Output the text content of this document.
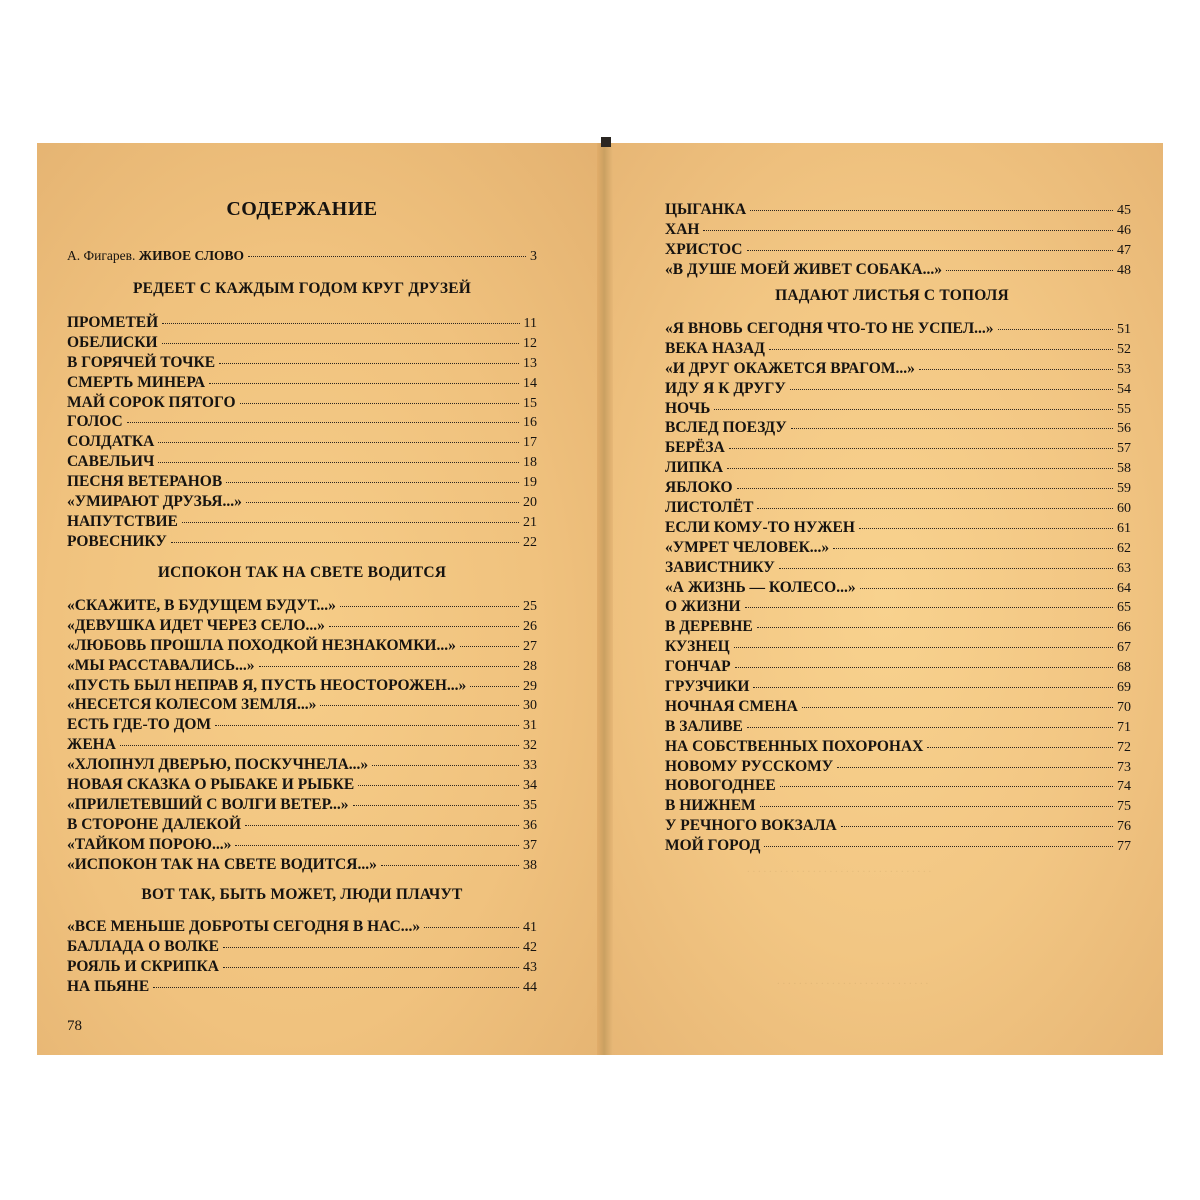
СОДЕРЖАНИЕ
А. Фигарев. ЖИВОЕ СЛОВО	3
РЕДЕЕТ С КАЖДЫМ ГОДОМ КРУГ ДРУЗЕЙ
ПРОМЕТЕЙ	11
ОБЕЛИСКИ	12
В ГОРЯЧЕЙ ТОЧКЕ	13
СМЕРТЬ МИНЕРА	14
МАЙ СОРОК ПЯТОГО	15
ГОЛОС	16
СОЛДАТКА	17
САВЕЛЬИЧ	18
ПЕСНЯ ВЕТЕРАНОВ	19
«УМИРАЮТ ДРУЗЬЯ...»	20
НАПУТСТВИЕ	21
РОВЕСНИКУ	22
ИСПОКОН ТАК НА СВЕТЕ ВОДИТСЯ
«СКАЖИТЕ, В БУДУЩЕМ БУДУТ...»	25
«ДЕВУШКА ИДЕТ ЧЕРЕЗ СЕЛО...»	26
«ЛЮБОВЬ ПРОШЛА ПОХОДКОЙ НЕЗНАКОМКИ...»	27
«МЫ РАССТАВАЛИСЬ...»	28
«ПУСТЬ БЫЛ НЕПРАВ Я, ПУСТЬ НЕОСТОРОЖЕН...»	29
«НЕСЕТСЯ КОЛЕСОМ ЗЕМЛЯ...»	30
ЕСТЬ ГДЕ-ТО ДОМ	31
ЖЕНА	32
«ХЛОПНУЛ ДВЕРЬЮ, ПОСКУЧНЕЛА...»	33
НОВАЯ СКАЗКА О РЫБАКЕ И РЫБКЕ	34
«ПРИЛЕТЕВШИЙ С ВОЛГИ ВЕТЕР...»	35
В СТОРОНЕ ДАЛЕКОЙ	36
«ТАЙКОМ ПОРОЮ...»	37
«ИСПОКОН ТАК НА СВЕТЕ ВОДИТСЯ...»	38
ВОТ ТАК, БЫТЬ МОЖЕТ, ЛЮДИ ПЛАЧУТ
«ВСЕ МЕНЬШЕ ДОБРОТЫ СЕГОДНЯ В НАС...»	41
БАЛЛАДА О ВОЛКЕ	42
РОЯЛЬ И СКРИПКА	43
НА ПЬЯНЕ	44
78
ЦЫГАНКА	45
ХАН	46
ХРИСТОС	47
«В ДУШЕ МОЕЙ ЖИВЕТ СОБАКА...»	48
ПАДАЮТ ЛИСТЬЯ С ТОПОЛЯ
«Я ВНОВЬ СЕГОДНЯ ЧТО-ТО НЕ УСПЕЛ...»	51
ВЕКА НАЗАД	52
«И ДРУГ ОКАЖЕТСЯ ВРАГОМ...»	53
ИДУ Я К ДРУГУ	54
НОЧЬ	55
ВСЛЕД ПОЕЗДУ	56
БЕРЁЗА	57
ЛИПКА	58
ЯБЛОКО	59
ЛИСТОЛЁТ	60
ЕСЛИ КОМУ-ТО НУЖЕН	61
«УМРЕТ ЧЕЛОВЕК...»	62
ЗАВИСТНИКУ	63
«А ЖИЗНЬ — КОЛЕСО...»	64
О ЖИЗНИ	65
В ДЕРЕВНЕ	66
КУЗНЕЦ	67
ГОНЧАР	68
ГРУЗЧИКИ	69
НОЧНАЯ СМЕНА	70
В ЗАЛИВЕ	71
НА СОБСТВЕННЫХ ПОХОРОНАХ	72
НОВОМУ РУССКОМУ	73
НОВОГОДНЕЕ	74
В НИЖНЕМ	75
У РЕЧНОГО ВОКЗАЛА	76
МОЙ ГОРОД	77
. . . . . . . . . . . . . . . . . . . . . . . . . . . . . . . . . .
. . . . . . . . . . . . . . . . . . . . . . . . . . . .
